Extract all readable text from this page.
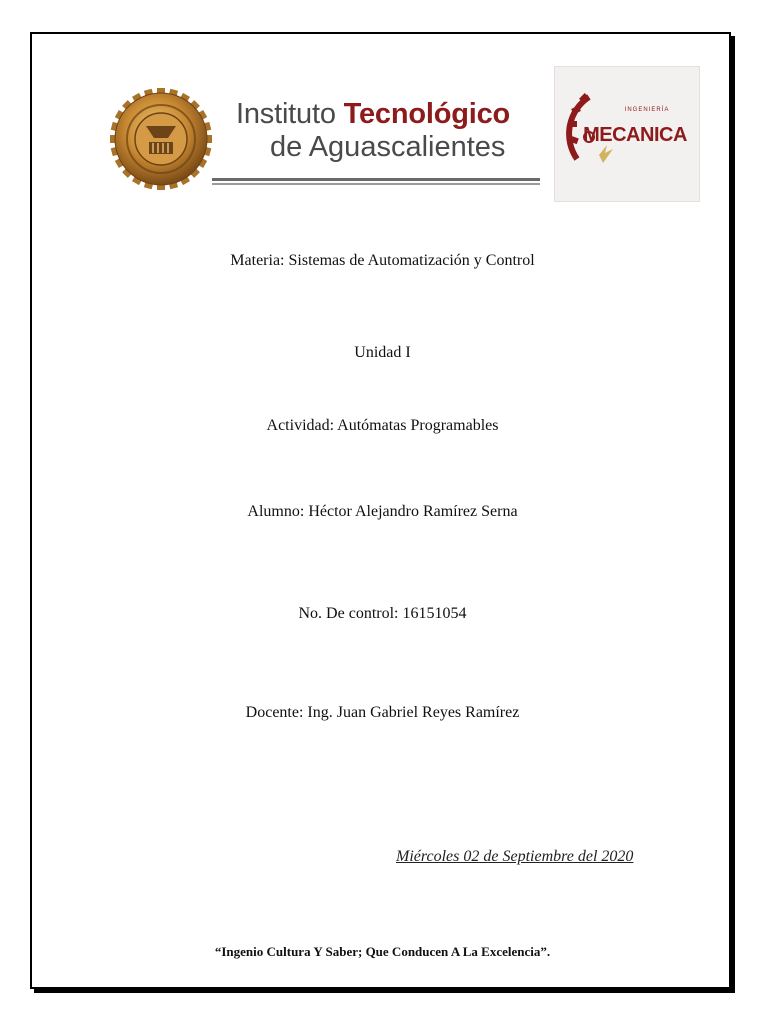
Instituto Tecnológico
de Aguascalientes
INGENIERÍA
MECANICA
Materia: Sistemas de Automatización y Control
Unidad I
Actividad: Autómatas Programables
Alumno: Héctor Alejandro Ramírez Serna
No. De control: 16151054
Docente: Ing. Juan Gabriel Reyes Ramírez
Miércoles 02 de Septiembre del 2020
“Ingenio Cultura Y Saber; Que Conducen A La Excelencia”.
